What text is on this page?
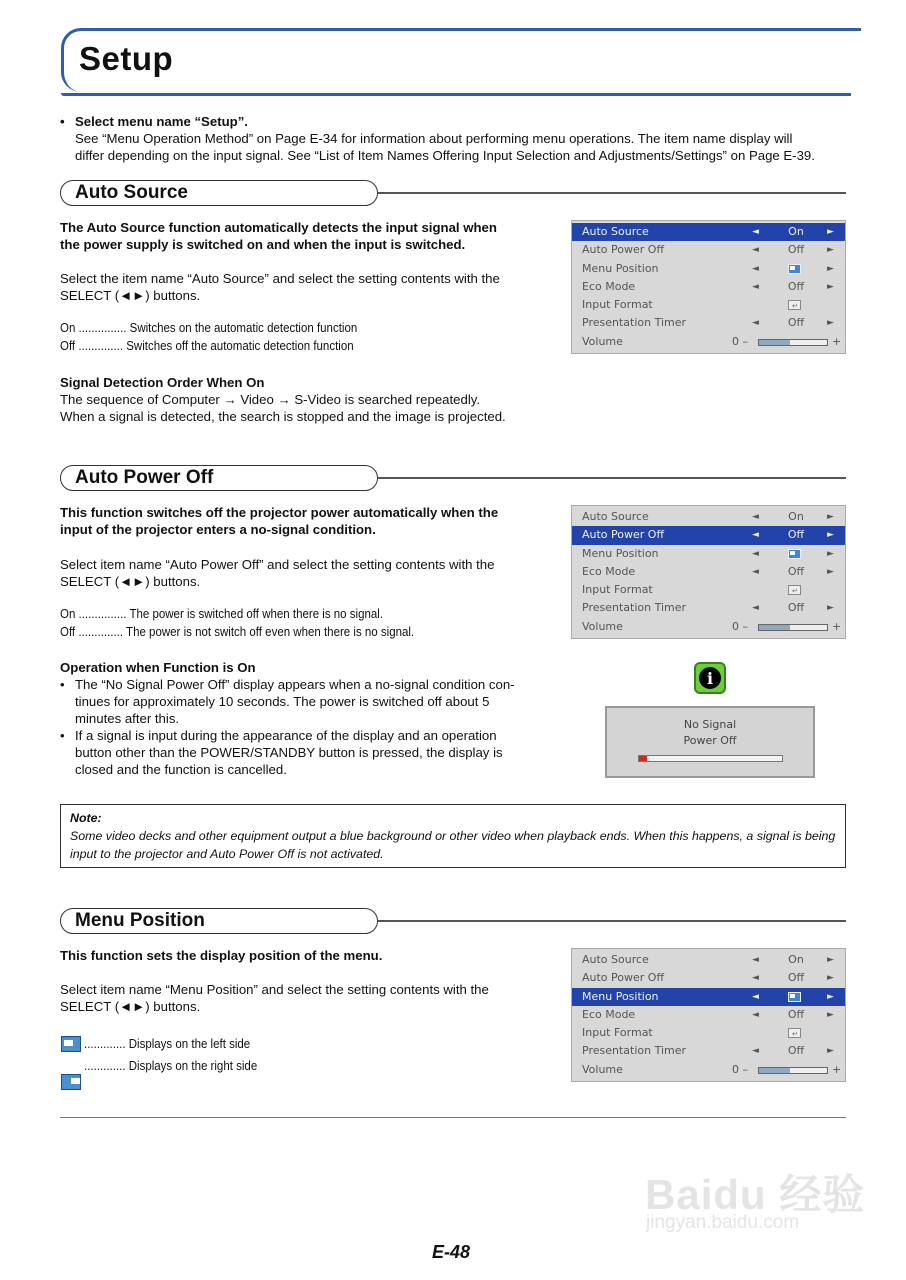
Setup
• Select menu name “Setup”.
See “Menu Operation Method” on Page E-34 for information about performing menu operations. The item name display will
differ depending on the input signal. See “List of Item Names Offering Input Selection and Adjustments/Settings” on Page E-39.
Auto Source
The Auto Source function automatically detects the input signal when
the power supply is switched on and when the input is switched.
Select the item name “Auto Source” and select the setting contents with the
SELECT (◄►) buttons.
On ............... Switches on the automatic detection function
Off .............. Switches off the automatic detection function
Signal Detection Order When On
The sequence of Computer → Video → S-Video is searched repeatedly.
When a signal is detected, the search is stopped and the image is projected.
Auto Source	◄	On	►
Auto Power Off	◄	Off	►
Menu Position	◄	►
Eco Mode	◄	Off	►
Input Format	↵
Presentation Timer	◄	Off	►
Volume	0 –	+
Auto Power Off
This function switches off the projector power automatically when the
input of the projector enters a no-signal condition.
Select item name “Auto Power Off” and select the setting contents with the
SELECT (◄►) buttons.
On ............... The power is switched off when there is no signal.
Off .............. The power is not switch off even when there is no signal.
Operation when Function is On
• The “No Signal Power Off” display appears when a no-signal condition con-
tinues for approximately 10 seconds. The power is switched off about 5
minutes after this.
• If a signal is input during the appearance of the display and an operation
button other than the POWER/STANDBY button is pressed, the display is
closed and the function is cancelled.
Auto Source	◄	On	►
Auto Power Off	◄	Off	►
Menu Position	◄	►
Eco Mode	◄	Off	►
Input Format	↵
Presentation Timer	◄	Off	►
Volume	0 –	+
i
No Signal
Power Off
Note:
Some video decks and other equipment output a blue background or other video when playback ends. When this happens, a signal is being
input to the projector and Auto Power Off is not activated.
Menu Position
This function sets the display position of the menu.
Select item name “Menu Position” and select the setting contents with the
SELECT (◄►) buttons.
............. Displays on the left side
............. Displays on the right side
Auto Source	◄	On	►
Auto Power Off	◄	Off	►
Menu Position	◄	►
Eco Mode	◄	Off	►
Input Format	↵
Presentation Timer	◄	Off	►
Volume	0 –	+
Baidu 经验
jingyan.baidu.com
E-48
